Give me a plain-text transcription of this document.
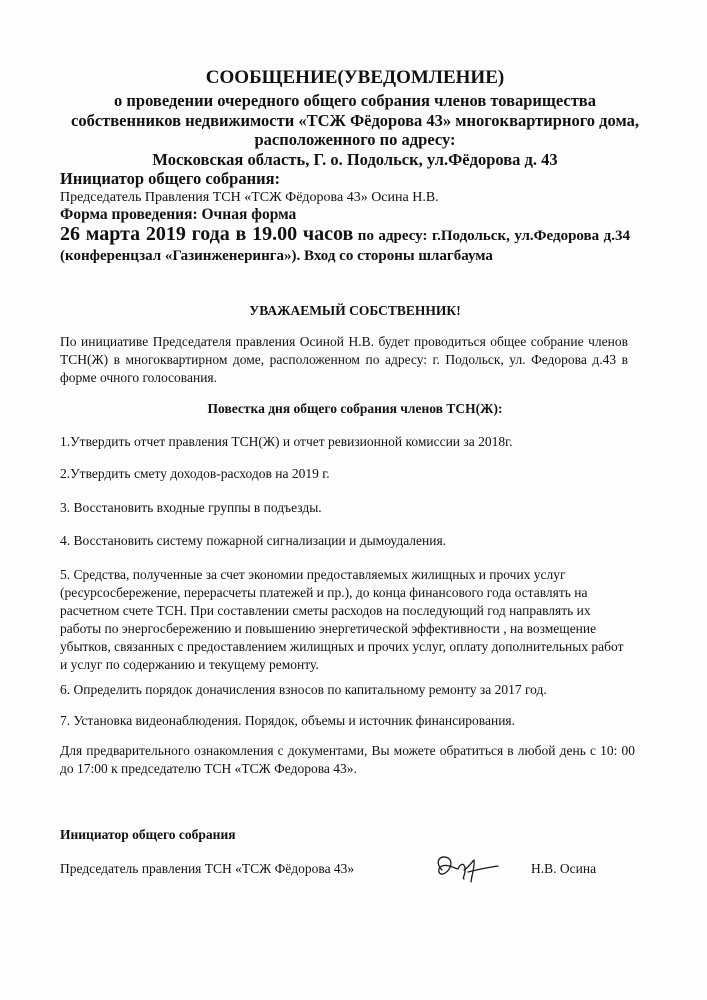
СООБЩЕНИЕ(УВЕДОМЛЕНИЕ)
о проведении очередного общего собрания членов товарищества собственников недвижимости «ТСЖ Фёдорова 43» многоквартирного дома, расположенного по адресу:
Московская область, Г. о. Подольск, ул.Фёдорова д. 43
Инициатор общего собрания:
Председатель Правления ТСН «ТСЖ Фёдорова 43» Осина Н.В.
Форма проведения: Очная форма
26 марта 2019 года в 19.00 часов по адресу: г.Подольск, ул.Федорова д.34 (конференцзал «Газинженеринга»). Вход со стороны шлагбаума
УВАЖАЕМЫЙ СОБСТВЕННИК!
По инициативе Председателя правления Осиной Н.В. будет проводиться общее собрание членов ТСН(Ж) в многоквартирном доме, расположенном по адресу: г. Подольск, ул. Федорова д.43 в форме очного голосования.
Повестка дня общего собрания членов ТСН(Ж):
1.Утвердить отчет правления ТСН(Ж) и отчет ревизионной комиссии за 2018г.
2.Утвердить смету доходов-расходов на 2019 г.
3. Восстановить входные группы в подъезды.
4. Восстановить систему пожарной сигнализации и дымоудаления.
5. Средства, полученные за счет экономии предоставляемых жилищных и прочих услуг (ресурсосбережение, перерасчеты платежей и пр.), до конца финансового года оставлять на расчетном счете ТСН. При составлении сметы расходов на последующий год направлять их работы по энергосбережению и повышению энергетической эффективности , на возмещение убытков, связанных с предоставлением жилищных и прочих услуг, оплату дополнительных работ и услуг по содержанию и текущему ремонту.
6. Определить порядок доначисления взносов по капитальному ремонту за 2017 год.
7. Установка видеонаблюдения. Порядок, объемы и источник финансирования.
Для предварительного ознакомления с документами, Вы можете обратиться в любой день с 10: 00 до 17:00 к председателю ТСН «ТСЖ Федорова 43».
Инициатор общего собрания
Председатель правления ТСН «ТСЖ Фёдорова 43»	Н.В. Осина
